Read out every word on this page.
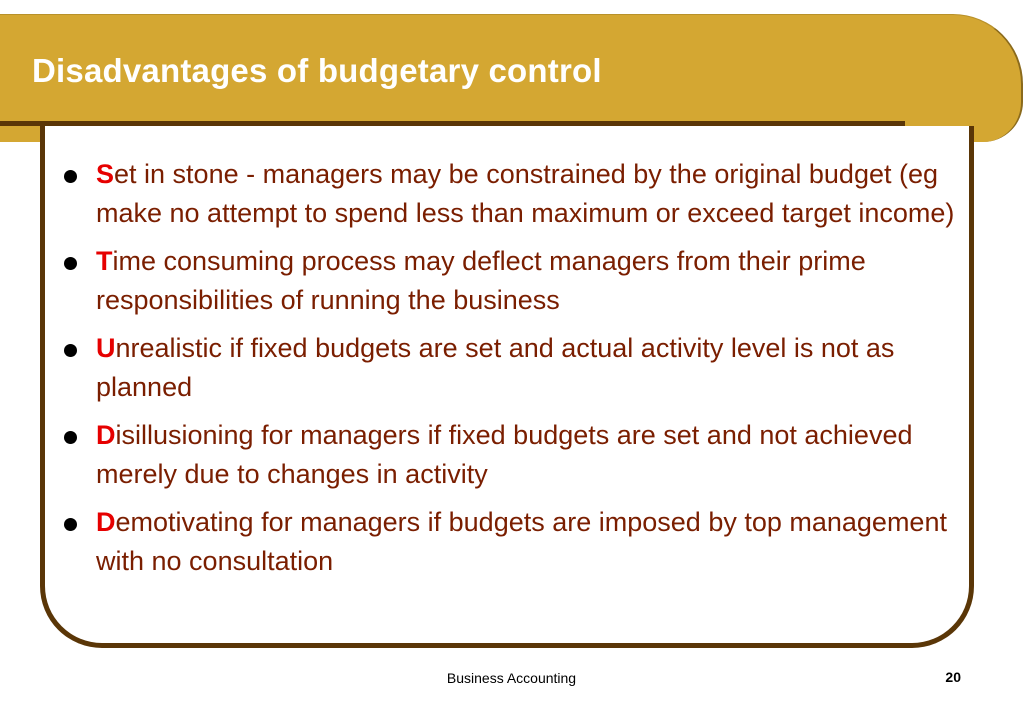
Disadvantages of budgetary control
Set in stone - managers may be constrained by the original budget (eg make no attempt to spend less than maximum or exceed target income)
Time consuming process may deflect managers from their prime responsibilities of running the business
Unrealistic if fixed budgets are set and actual activity level is not as planned
Disillusioning for managers if fixed budgets are set and not achieved merely due to changes in activity
Demotivating for managers if budgets are imposed by top management with no consultation
Business Accounting	20
